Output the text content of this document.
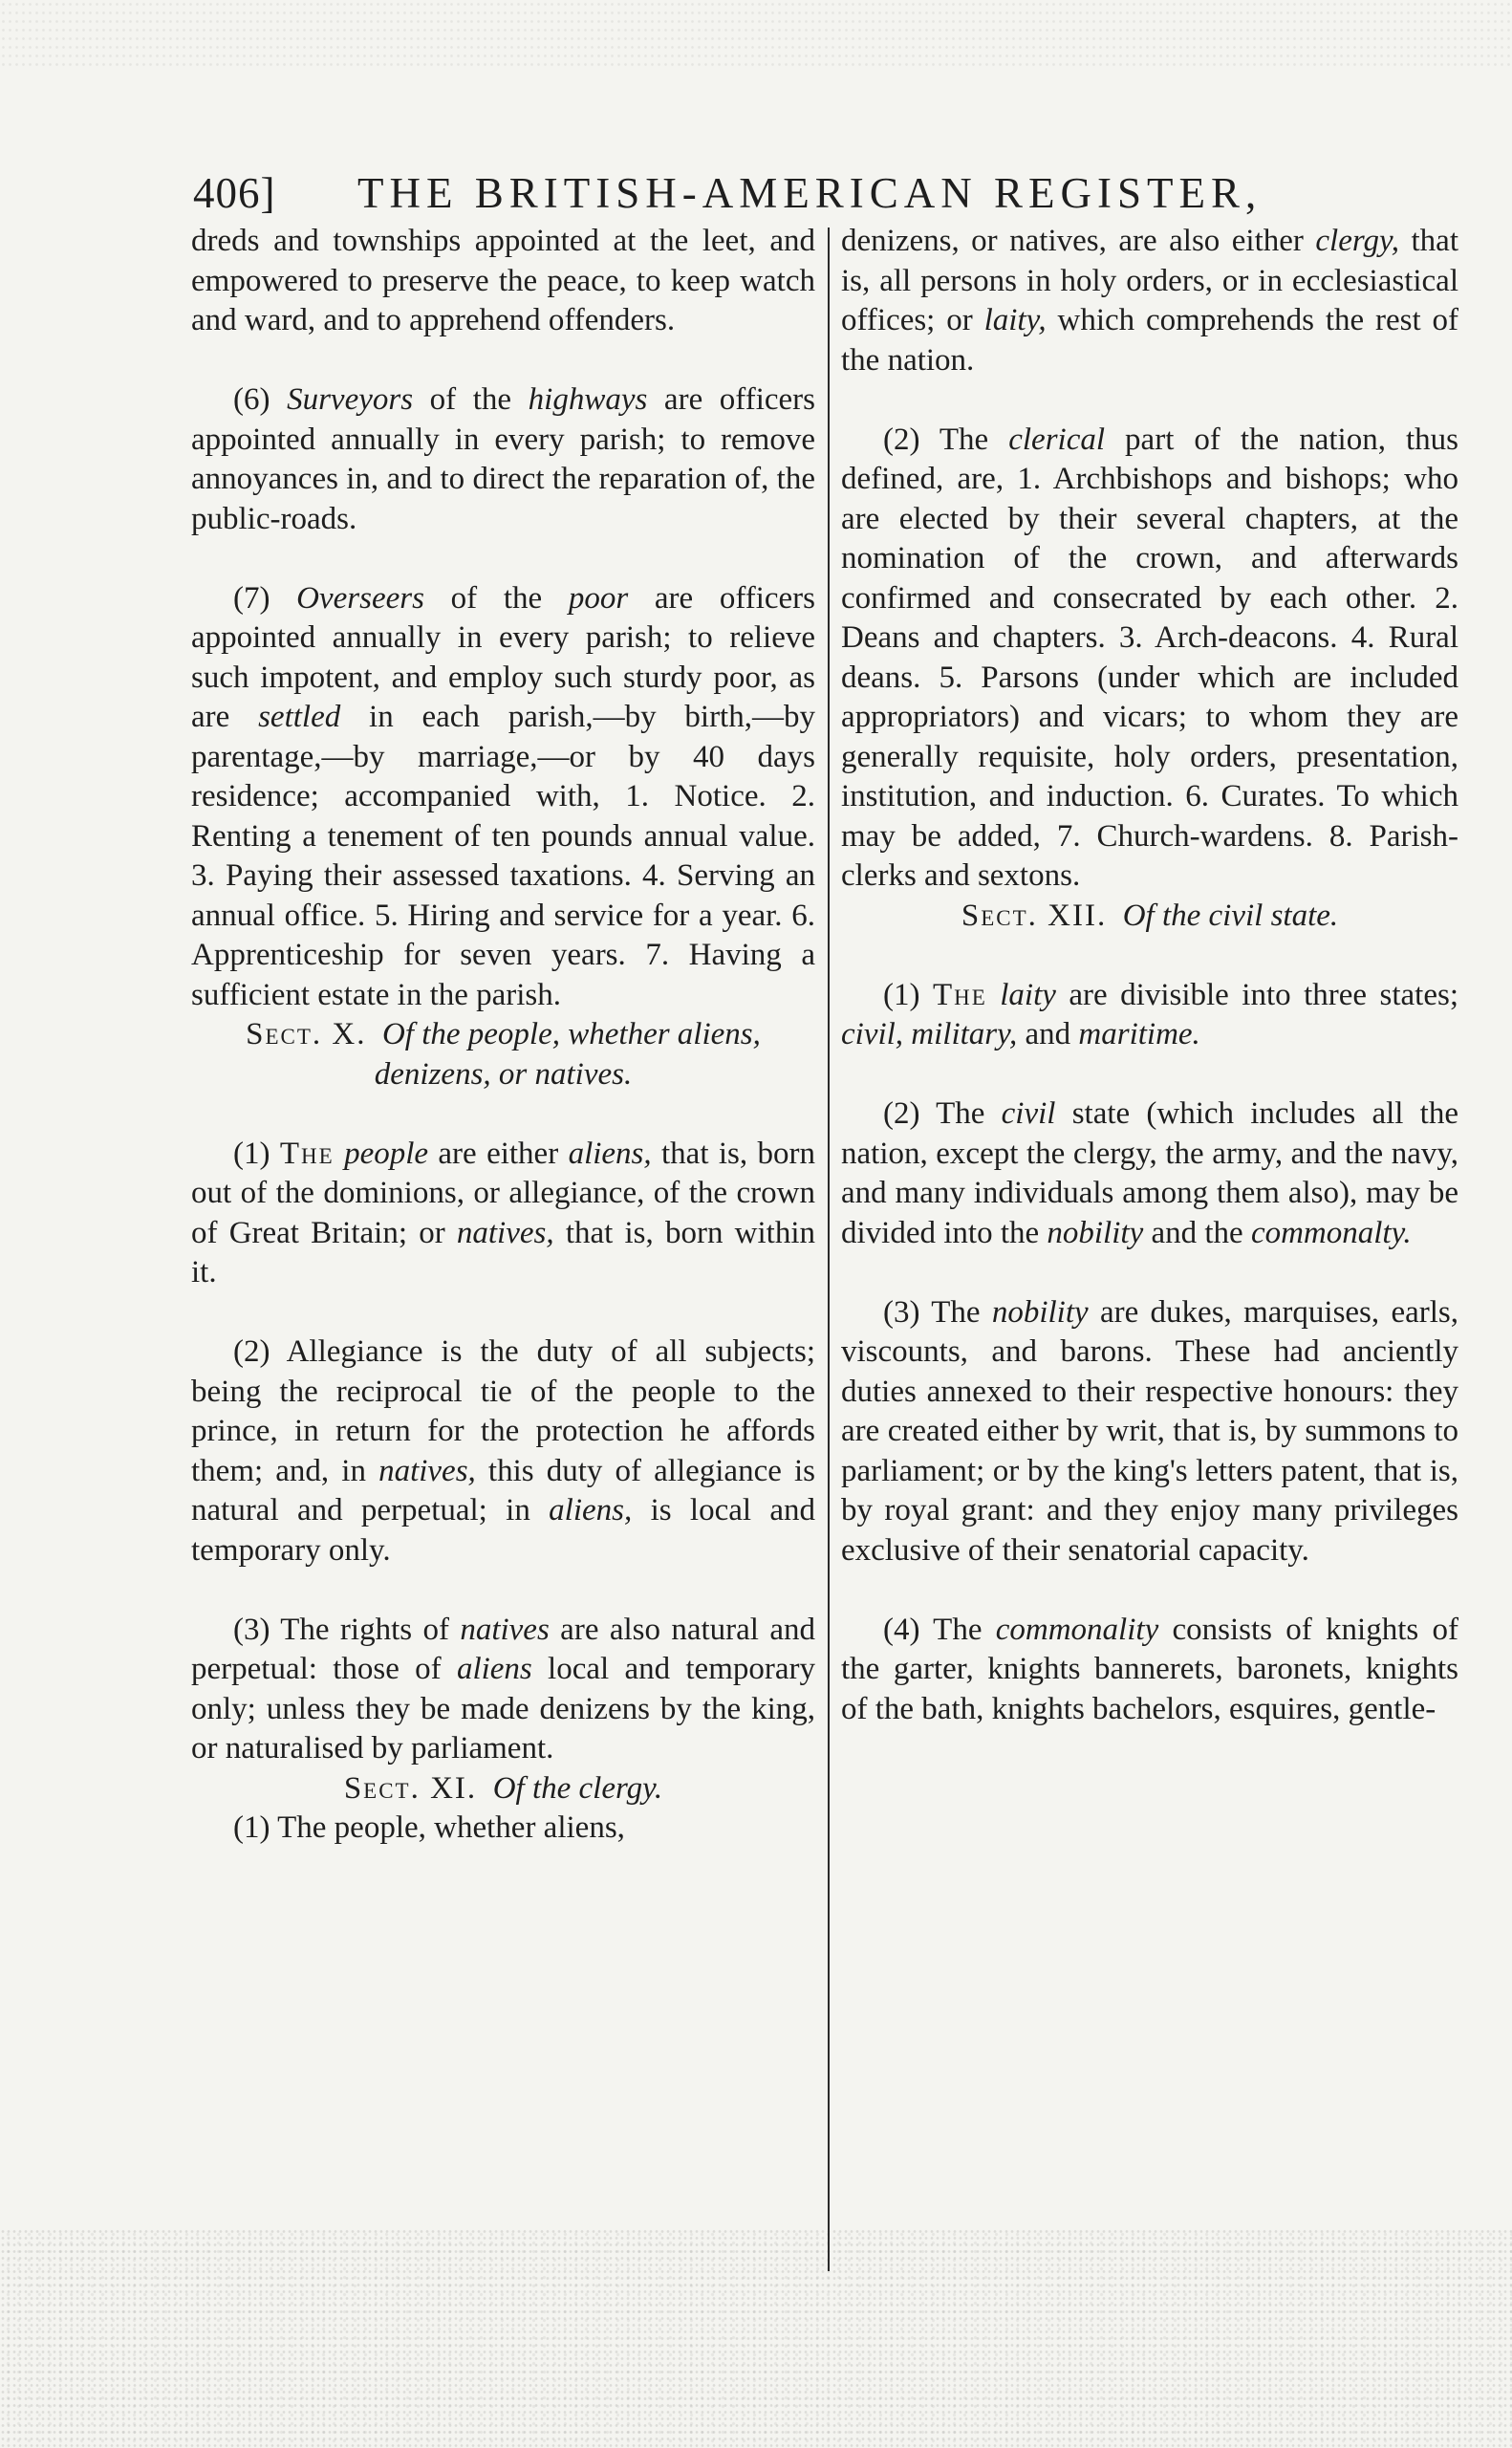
406] THE BRITISH-AMERICAN REGISTER,

dreds and townships appointed at the leet, and empowered to preserve the peace, to keep watch and ward, and to apprehend offenders.

(6) Surveyors of the highways are officers appointed annually in every parish; to remove annoyances in, and to direct the reparation of, the public-roads.

(7) Overseers of the poor are officers appointed annually in every parish; to relieve such impotent, and employ such sturdy poor, as are settled in each parish,—by birth,—by parentage,—by marriage,—or by 40 days residence; accompanied with, 1. Notice. 2. Renting a tenement of ten pounds annual value. 3. Paying their assessed taxations. 4. Serving an annual office. 5. Hiring and service for a year. 6. Apprenticeship for seven years. 7. Having a sufficient estate in the parish.

Sect. X. Of the people, whether aliens, denizens, or natives.

(1) The people are either aliens, that is, born out of the dominions, or allegiance, of the crown of Great Britain; or natives, that is, born within it.

(2) Allegiance is the duty of all subjects; being the reciprocal tie of the people to the prince, in return for the protection he affords them; and, in natives, this duty of allegiance is natural and perpetual; in aliens, is local and temporary only.

(3) The rights of natives are also natural and perpetual: those of aliens local and temporary only; unless they be made denizens by the king, or naturalised by parliament.

Sect. XI. Of the clergy.

(1) The people, whether aliens,

denizens, or natives, are also either clergy, that is, all persons in holy orders, or in ecclesiastical offices; or laity, which comprehends the rest of the nation.

(2) The clerical part of the nation, thus defined, are, 1. Archbishops and bishops; who are elected by their several chapters, at the nomination of the crown, and afterwards confirmed and consecrated by each other. 2. Deans and chapters. 3. Arch-deacons. 4. Rural deans. 5. Parsons (under which are included appropriators) and vicars; to whom they are generally requisite, holy orders, presentation, institution, and induction. 6. Curates. To which may be added, 7. Church-wardens. 8. Parish-clerks and sextons.

Sect. XII. Of the civil state.

(1) The laity are divisible into three states; civil, military, and maritime.

(2) The civil state (which includes all the nation, except the clergy, the army, and the navy, and many individuals among them also), may be divided into the nobility and the commonalty.

(3) The nobility are dukes, marquises, earls, viscounts, and barons. These had anciently duties annexed to their respective honours: they are created either by writ, that is, by summons to parliament; or by the king's letters patent, that is, by royal grant: and they enjoy many privileges exclusive of their senatorial capacity.

(4) The commonality consists of knights of the garter, knights bannerets, baronets, knights of the bath, knights bachelors, esquires, gentle-
